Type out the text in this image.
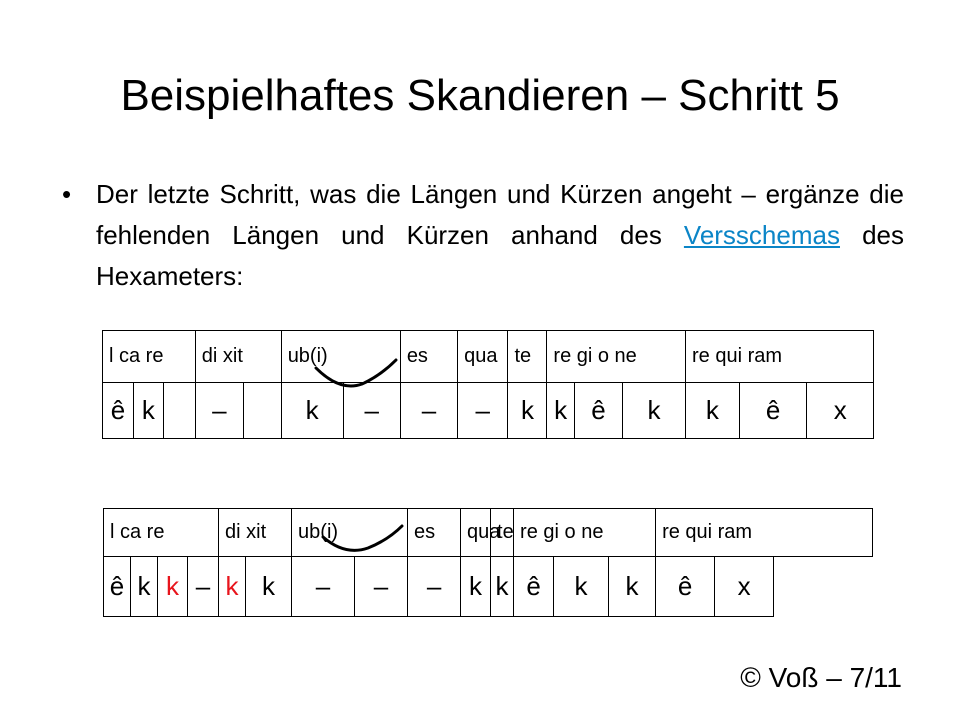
Beispielhaftes Skandieren – Schritt 5
• Der letzte Schritt, was die Längen und Kürzen angeht – ergänze die fehlenden Längen und Kürzen anhand des Versschemas des Hexameters:
l ca re			di xit		ub(i)		es	qua	te	re gi o ne			re qui ram		
ê	k		–		k	–	–	–	k	k	ê	k	k	ê	x
l ca re				di xit		ub(i)		es	qua	te	re gi o ne			re qui ram	
ê	k	k	–	k	k	–	–	–	k	k	ê	k	k	ê	x
© Voß – 7/11
